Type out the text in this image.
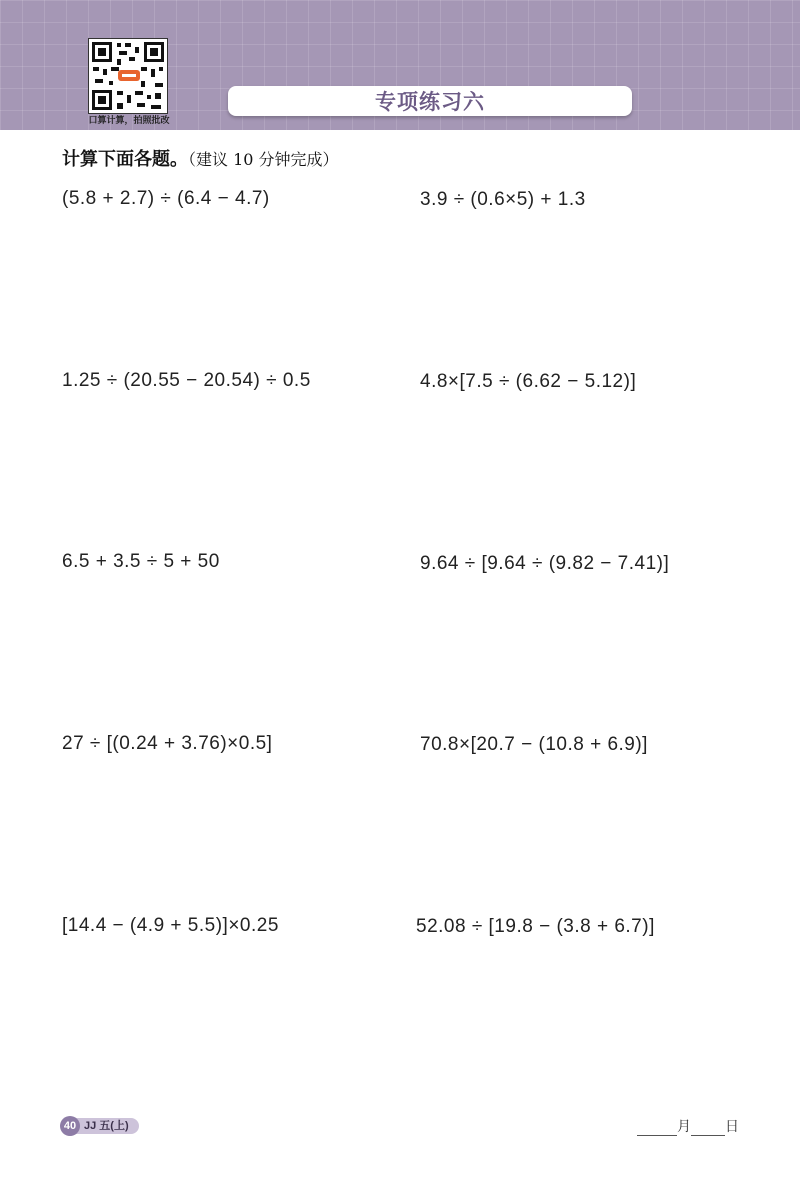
口算计算，拍照批改
专项练习六
计算下面各题。（建议 10 分钟完成）
(5.8 + 2.7) ÷ (6.4 − 4.7)	3.9 ÷ (0.6×5) + 1.3
1.25 ÷ (20.55 − 20.54) ÷ 0.5	4.8×[7.5 ÷ (6.62 − 5.12)]
6.5 + 3.5 ÷ 5 + 50	9.64 ÷ [9.64 ÷ (9.82 − 7.41)]
27 ÷ [(0.24 + 3.76)×0.5]	70.8×[20.7 − (10.8 + 6.9)]
[14.4 − (4.9 + 5.5)]×0.25	52.08 ÷ [19.8 − (3.8 + 6.7)]
40 JJ 五(上)	月 日
